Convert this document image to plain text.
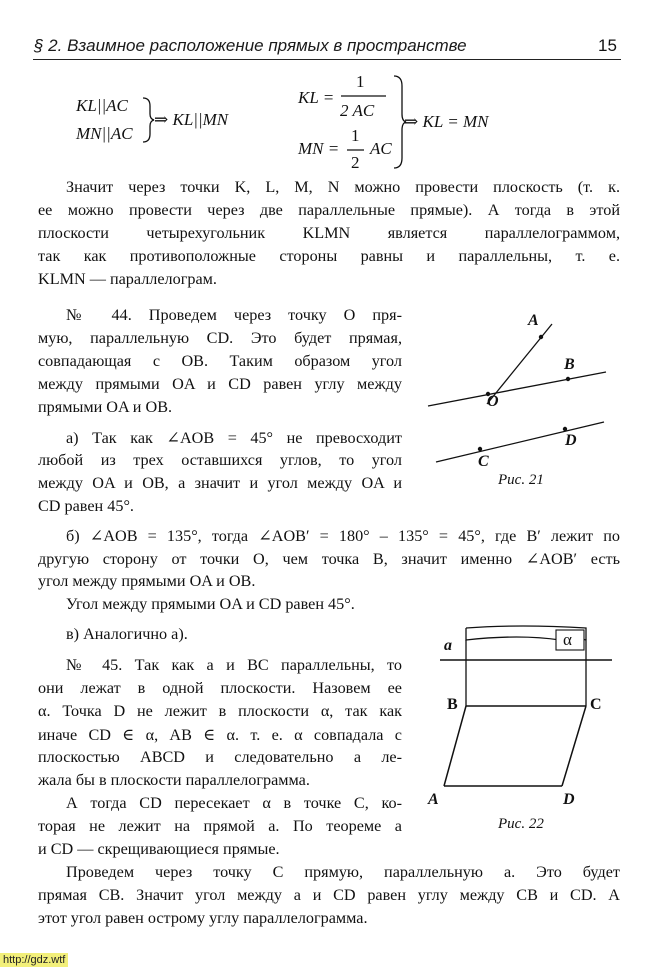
§ 2. Взаимное расположение прямых в пространстве	15
KL||AC
MN||AC
⇒ KL||MN
KL =
1
2 AC
MN =
1
2
AC
⇒ KL = MN
Значит через точки K, L, M, N можно провести плоскость (т. к.
ее можно провести через две параллельные прямые). А тогда в этой
плоскости четырехугольник KLMN является параллелограммом,
так как противоположные стороны равны и параллельны, т. е.
KLMN — параллелограм.
№ 44. Проведем через точку O пря-
мую, параллельную CD. Это будет прямая,
совпадающая с OB. Таким образом угол
между прямыми OA и CD равен углу между
прямыми OA и OB.
а) Так как ∠AOB = 45° не превосходит
любой из трех оставшихся углов, то угол
между OA и OB, а значит и угол между OA и
CD равен 45°.
б) ∠AOB = 135°, тогда ∠AOB′ = 180° – 135° = 45°, где B′ лежит по
другую сторону от точки O, чем точка B, значит именно ∠AOB′ есть
угол между прямыми OA и OB.
Угол между прямыми OA и CD равен 45°.
в) Аналогично а).
A
B
O
D
C
Рис. 21
№ 45. Так как a и BC параллельны, то
они лежат в одной плоскости. Назовем ее
α. Точка D не лежит в плоскости α, так как
иначе CD ∈ α, AB ∈ α. т. е. α совпадала с
плоскостью ABCD и следовательно a ле-
жала бы в плоскости параллелограмма.
А тогда CD пересекает α в точке C, ко-
торая не лежит на прямой a. По теореме a
и CD — скрещивающиеся прямые.
Проведем через точку C прямую, параллельную a. Это будет
прямая CB. Значит угол между a и CD равен углу между CB и CD. А
этот угол равен острому углу параллелограмма.
a	α
B	C
A	D
Рис. 22
http://gdz.wtf
